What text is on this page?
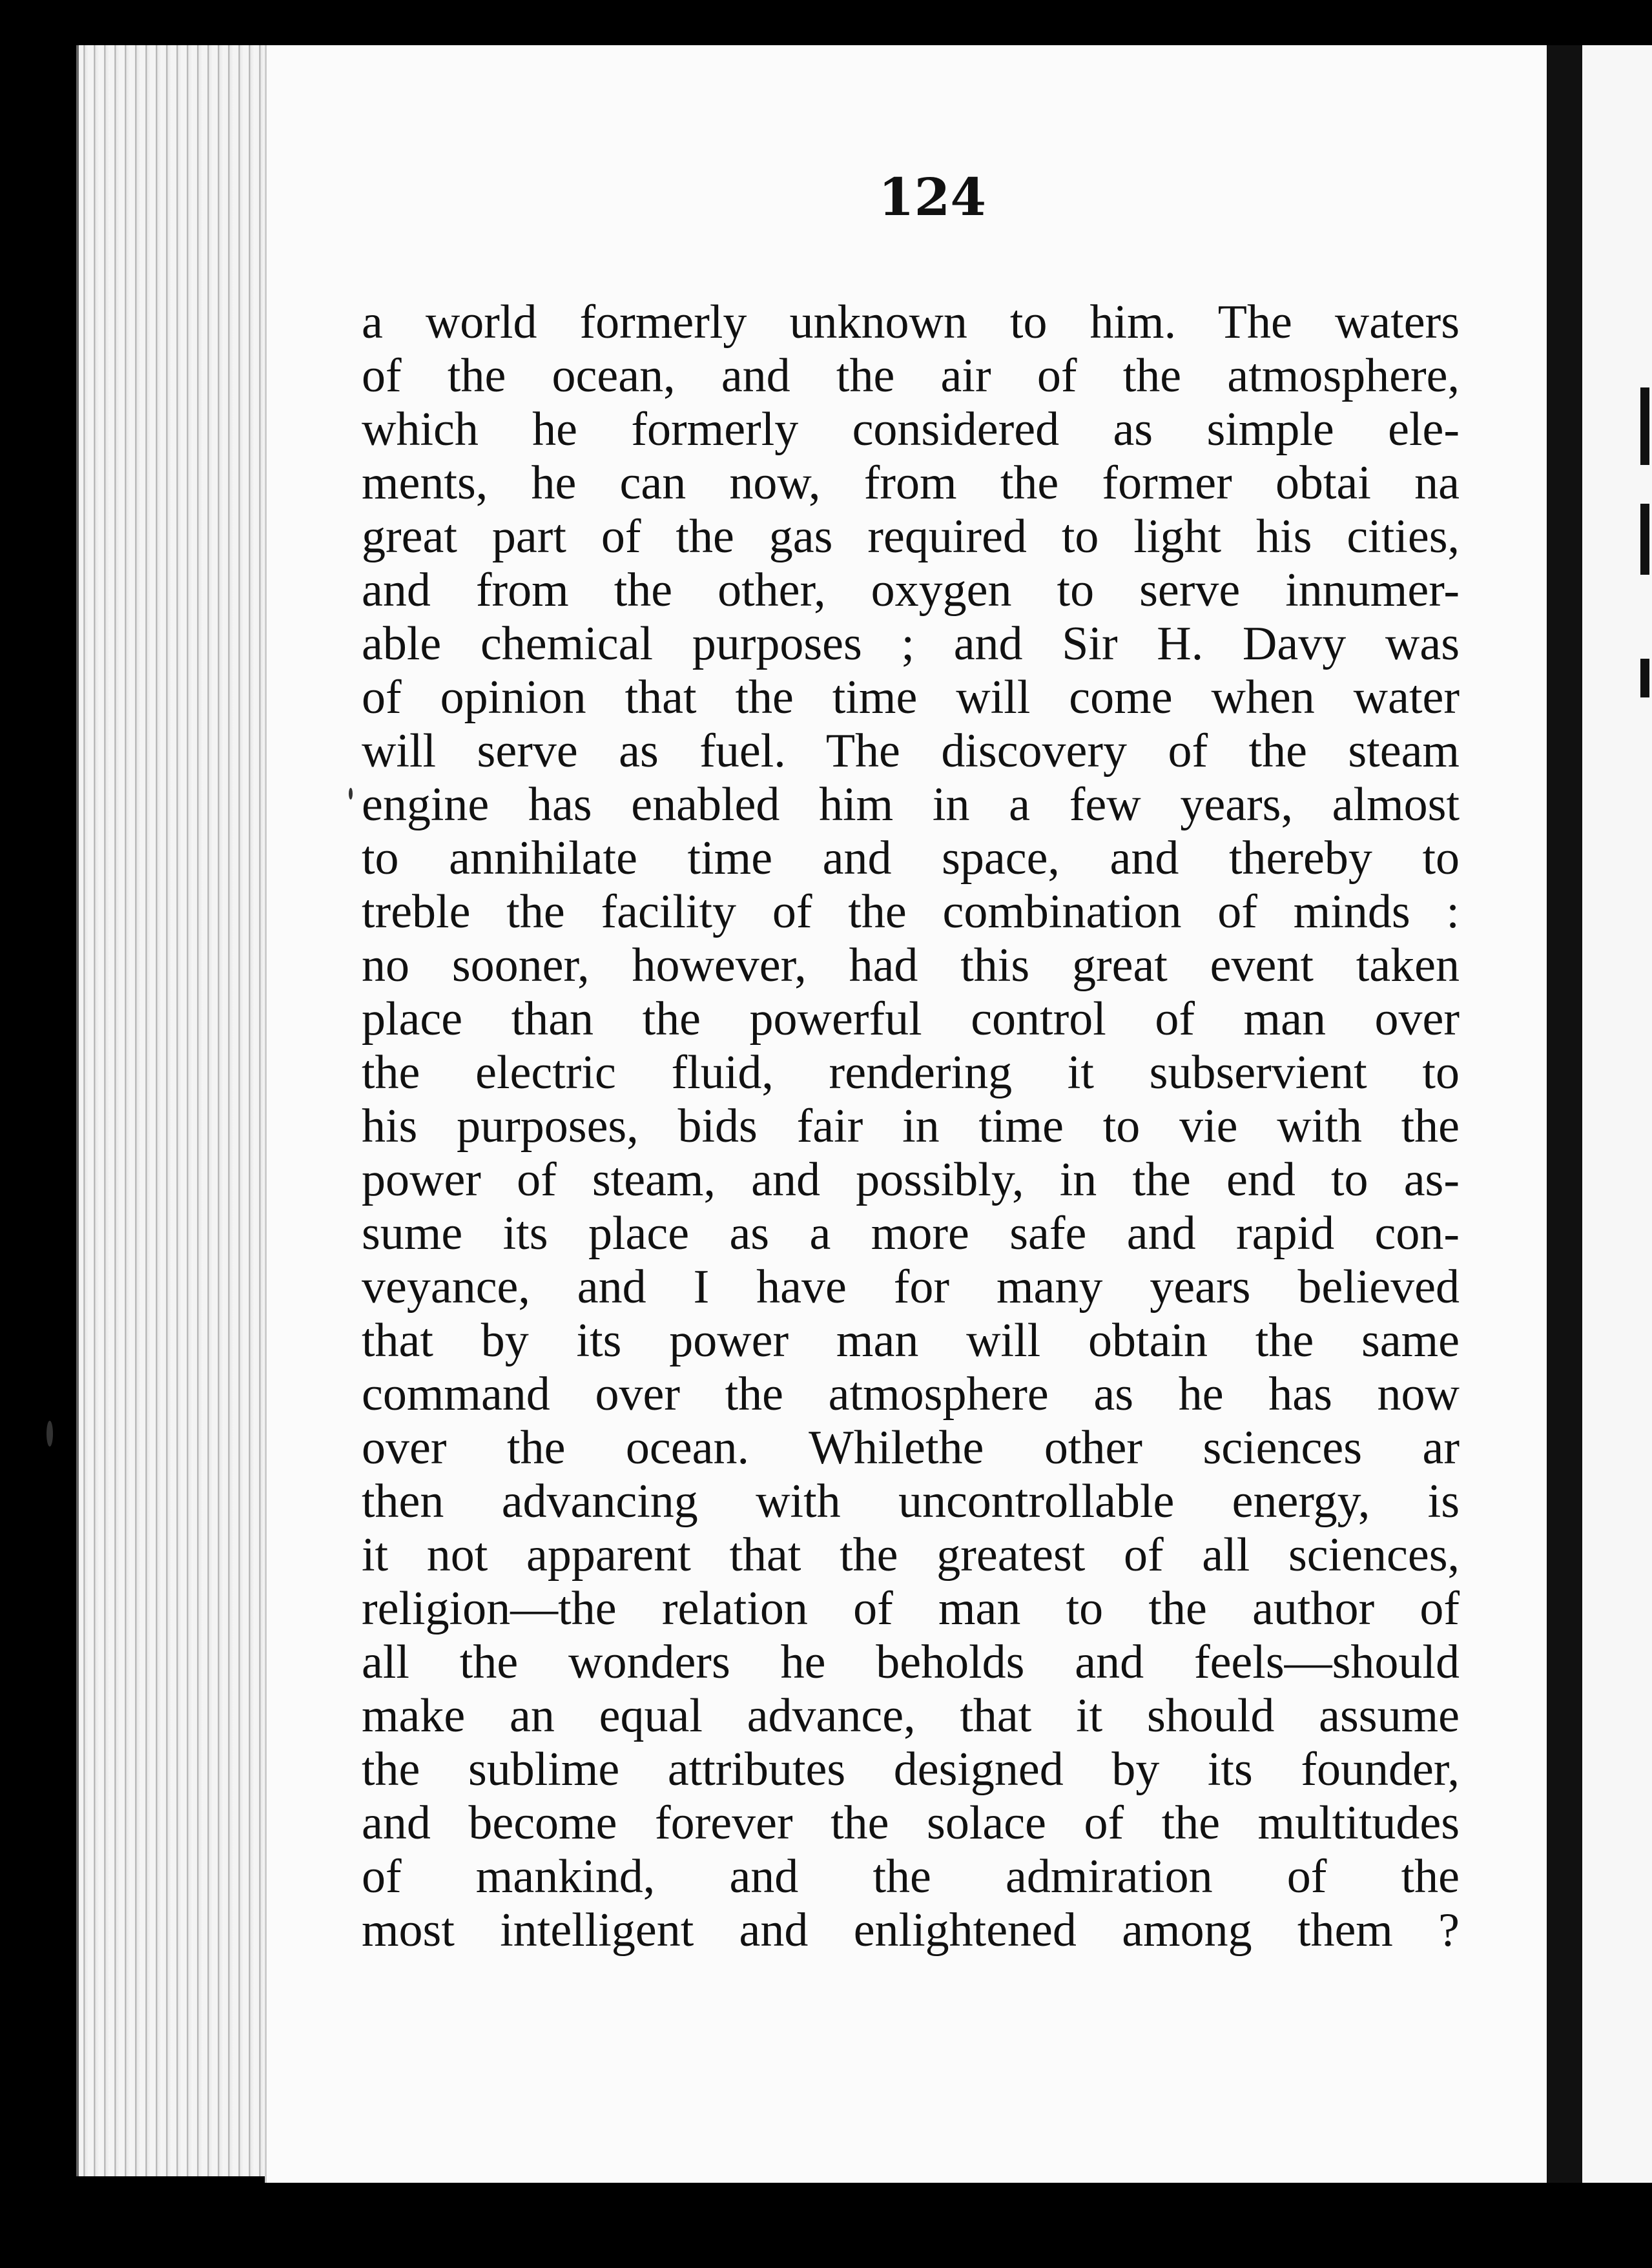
124
a world formerly unknown to him. The waters
of the ocean, and the air of the atmosphere,
which he formerly considered as simple ele-
ments, he can now, from the former obtai na
great part of the gas required to light his cities,
and from the other, oxygen to serve innumer-
able chemical purposes ; and Sir H. Davy was
of opinion that the time will come when water
will serve as fuel. The discovery of the steam
engine has enabled him in a few years, almost
to annihilate time and space, and thereby to
treble the facility of the combination of minds :
no sooner, however, had this great event taken
place than the powerful control of man over
the electric fluid, rendering it subservient to
his purposes, bids fair in time to vie with the
power of steam, and possibly, in the end to as-
sume its place as a more safe and rapid con-
veyance, and I have for many years believed
that by its power man will obtain the same
command over the atmosphere as he has now
over the ocean. Whilethe other sciences ar
then advancing with uncontrollable energy, is
it not apparent that the greatest of all sciences,
religion—the relation of man to the author of
all the wonders he beholds and feels—should
make an equal advance, that it should assume
the sublime attributes designed by its founder,
and become forever the solace of the multitudes
of mankind, and the admiration of the
most intelligent and enlightened among them ?
